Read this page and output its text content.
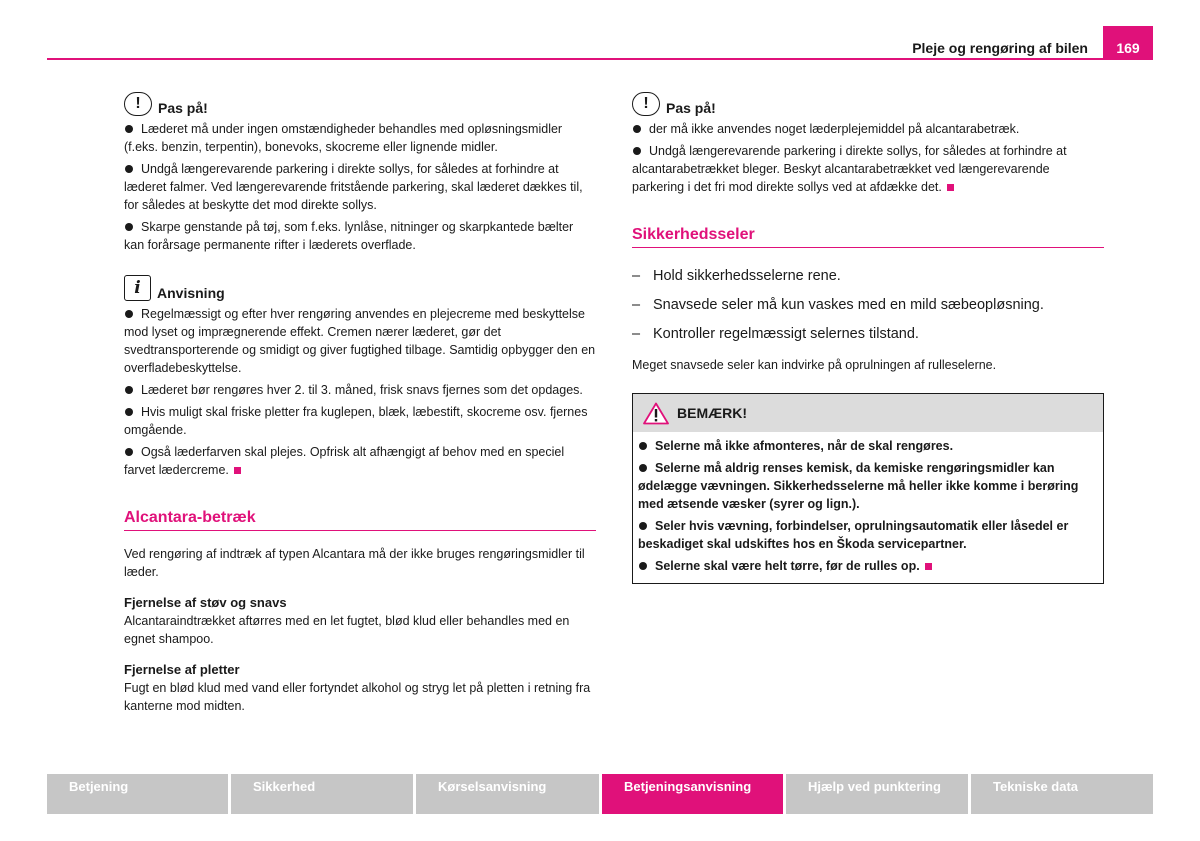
Pleje og rengøring af bilen	169
!	Pas på!
Læderet må under ingen omstændigheder behandles med opløsningsmidler (f.eks. benzin, terpentin), bonevoks, skocreme eller lignende midler.
Undgå længerevarende parkering i direkte sollys, for således at forhindre at læderet falmer. Ved længerevarende fritstående parkering, skal læderet dækkes til, for således at beskytte det mod direkte sollys.
Skarpe genstande på tøj, som f.eks. lynlåse, nitninger og skarpkantede bælter kan forårsage permanente rifter i læderets overflade.
i	Anvisning
Regelmæssigt og efter hver rengøring anvendes en plejecreme med beskyttelse mod lyset og imprægnerende effekt. Cremen nærer læderet, gør det svedtransporterende og smidigt og giver fugtighed tilbage. Samtidig opbygger den en overfladebeskyttelse.
Læderet bør rengøres hver 2. til 3. måned, frisk snavs fjernes som det opdages.
Hvis muligt skal friske pletter fra kuglepen, blæk, læbestift, skocreme osv. fjernes omgående.
Også læderfarven skal plejes. Opfrisk alt afhængigt af behov med en speciel farvet lædercreme.
Alcantara-betræk
Ved rengøring af indtræk af typen Alcantara må der ikke bruges rengøringsmidler til læder.
Fjernelse af støv og snavs
Alcantaraindtrækket aftørres med en let fugtet, blød klud eller behandles med en egnet shampoo.
Fjernelse af pletter
Fugt en blød klud med vand eller fortyndet alkohol og stryg let på pletten i retning fra kanterne mod midten.
!	Pas på!
der må ikke anvendes noget læderplejemiddel på alcantarabetræk.
Undgå længerevarende parkering i direkte sollys, for således at forhindre at alcantarabetrækket bleger. Beskyt alcantarabetrækket ved længerevarende parkering i det fri mod direkte sollys ved at afdække det.
Sikkerhedsseler
– Hold sikkerhedsselerne rene.
– Snavsede seler må kun vaskes med en mild sæbeopløsning.
– Kontroller regelmæssigt selernes tilstand.
Meget snavsede seler kan indvirke på oprulningen af rulleselerne.
BEMÆRK!
Selerne må ikke afmonteres, når de skal rengøres.
Selerne må aldrig renses kemisk, da kemiske rengøringsmidler kan ødelægge vævningen. Sikkerhedsselerne må heller ikke komme i berøring med ætsende væsker (syrer og lign.).
Seler hvis vævning, forbindelser, oprulningsautomatik eller låsedel er beskadiget skal udskiftes hos en Škoda servicepartner.
Selerne skal være helt tørre, før de rulles op.
Betjening	Sikkerhed	Kørselsanvisning	Betjeningsanvisning	Hjælp ved punktering	Tekniske data
